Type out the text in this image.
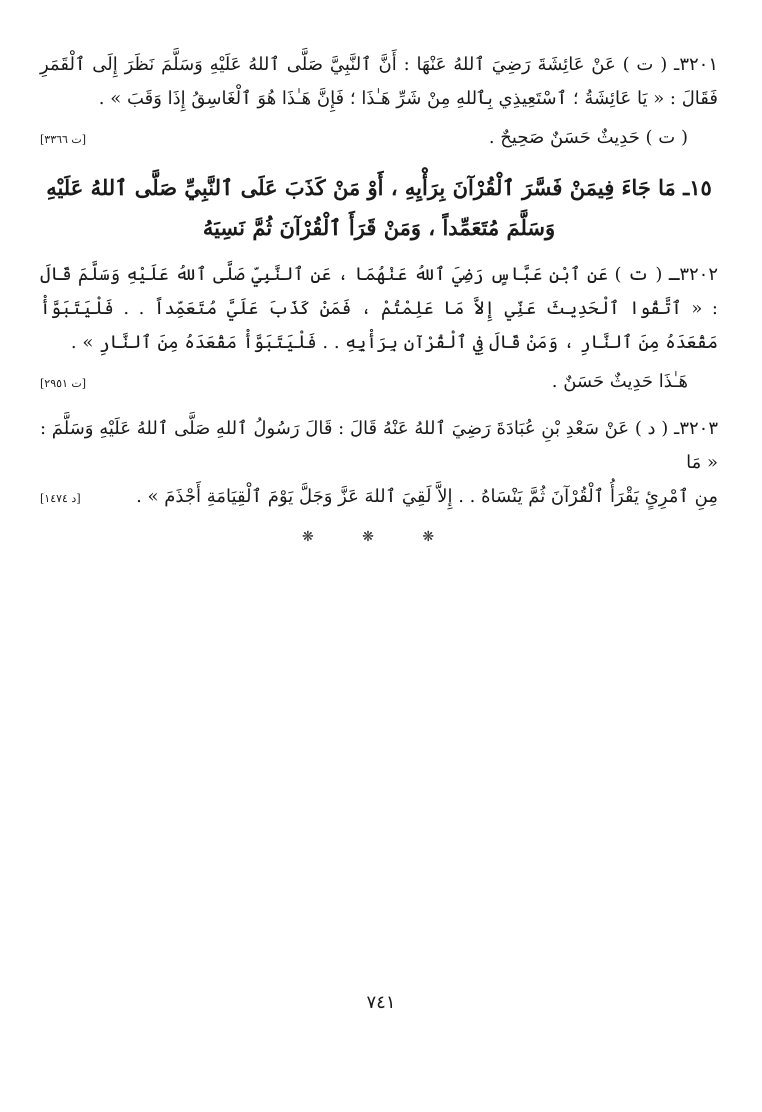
٣٢٠١ـ ( ت ) عَنْ عَائِشَةَ رَضِيَ ٱللهُ عَنْهَا : أَنَّ ٱلنَّبِيَّ صَلَّى ٱللهُ عَلَيْهِ وَسَلَّمَ نَظَرَ إِلَى ٱلْقَمَرِ فَقَالَ : « يَا عَائِشَةُ ؛ ٱسْتَعِيذِي بِٱللهِ مِنْ شَرِّ هَـٰذَا ؛ فَإِنَّ هَـٰذَا هُوَ ٱلْغَاسِقُ إِذَا وَقَبَ » .

( ت ) حَدِيثٌ حَسَنٌ صَحِيحٌ .
[ت ٣٣٦٦]
١٥ـ مَا جَاءَ فِيمَنْ فَسَّرَ ٱلْقُرْآنَ بِرَأْيِهِ ، أَوْ مَنْ كَذَبَ عَلَى ٱلنَّبِيِّ صَلَّى ٱللهُ عَلَيْهِ وَسَلَّمَ مُتَعَمِّداً ، وَمَنْ قَرَأَ ٱلْقُرْآنَ ثُمَّ نَسِيَهُ

٣٢٠٢ـ ( ت ) عَنِ ٱبْنِ عَبَّاسٍ رَضِيَ ٱللهُ عَنْهُمَا ، عَنِ ٱلنَّبِيِّ صَلَّى ٱللهُ عَلَيْهِ وَسَلَّمَ قَالَ : « ٱتَّقُوا ٱلْحَدِيثَ عَنِّي إِلاَّ مَا عَلِمْتُمْ ، فَمَنْ كَذَبَ عَلَيَّ مُتَعَمِّداً . . فَلْيَتَبَوَّأْ مَقْعَدَهُ مِنَ ٱلنَّارِ ، وَمَنْ قَالَ فِي ٱلْقُرْآنِ بِرَأْيِهِ . . فَلْيَتَبَوَّأْ مَقْعَدَهُ مِنَ ٱلنَّارِ » .

هَـٰذَا حَدِيثٌ حَسَنٌ .
[ت ٢٩٥١]

٣٢٠٣ـ ( د ) عَنْ سَعْدِ بْنِ عُبَادَةَ رَضِيَ ٱللهُ عَنْهُ قَالَ : قَالَ رَسُولُ ٱللهِ صَلَّى ٱللهُ عَلَيْهِ وَسَلَّمَ : « مَا

مِنِ ٱمْرِئٍ يَقْرَأُ ٱلْقُرْآنَ ثُمَّ يَنْسَاهُ . . إِلاَّ لَقِيَ ٱللهَ عَزَّ وَجَلَّ يَوْمَ ٱلْقِيَامَةِ أَجْذَمَ » .
[د ١٤٧٤]
❋ ❋ ❋
٧٤١
